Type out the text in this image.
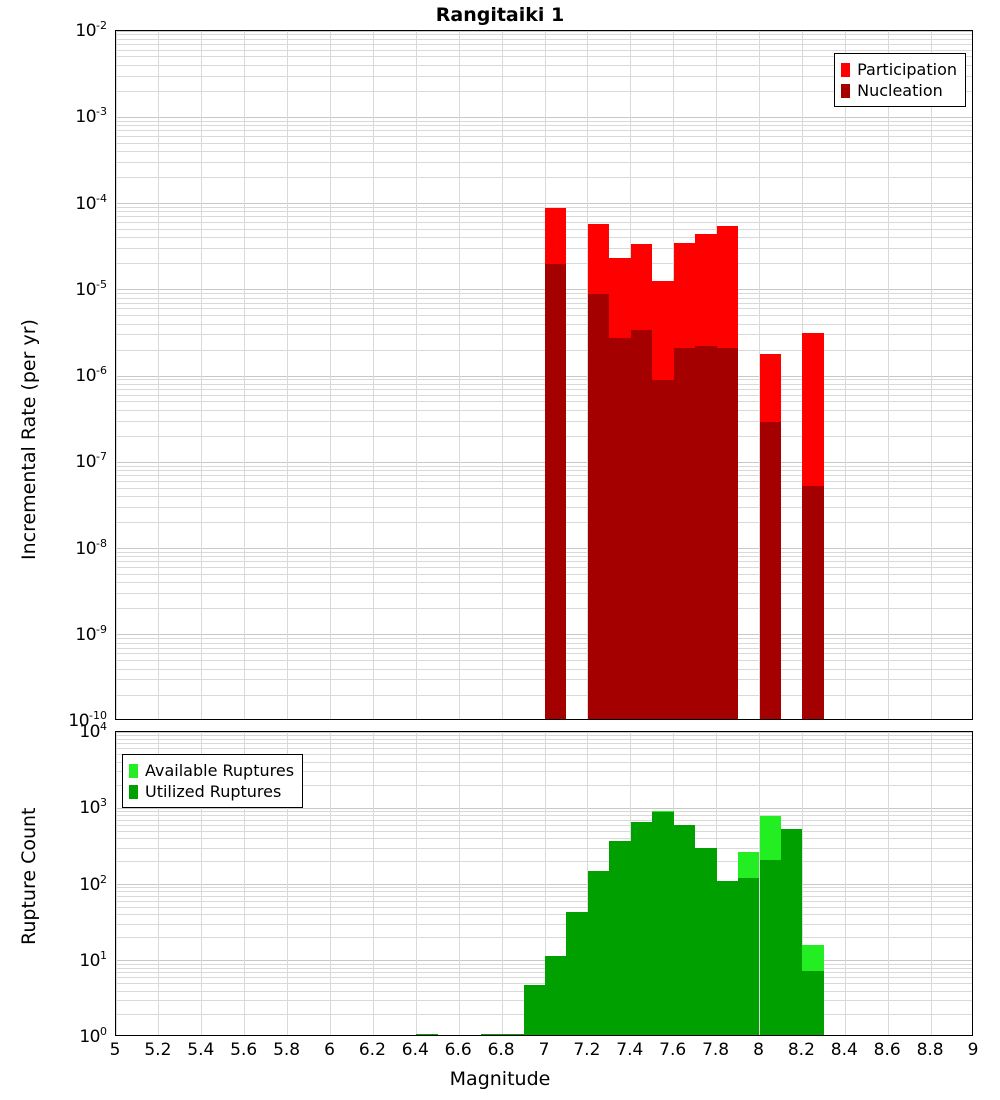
Rangitaiki 1
Participation
Nucleation
$10^{-10}$
$10^{-9}$
$10^{-8}$
$10^{-7}$
$10^{-6}$
$10^{-5}$
$10^{-4}$
$10^{-3}$
$10^{-2}$
Incremental Rate (per yr)
Available Ruptures
Utilized Ruptures
$10^0$
$10^1$
$10^2$
$10^3$
$10^4$
Rupture Count
5 5.2 5.4 5.6 5.8 6 6.2 6.4 6.6 6.8 7 7.2 7.4 7.6 7.8 8 8.2 8.4 8.6 8.8 9
Magnitude
